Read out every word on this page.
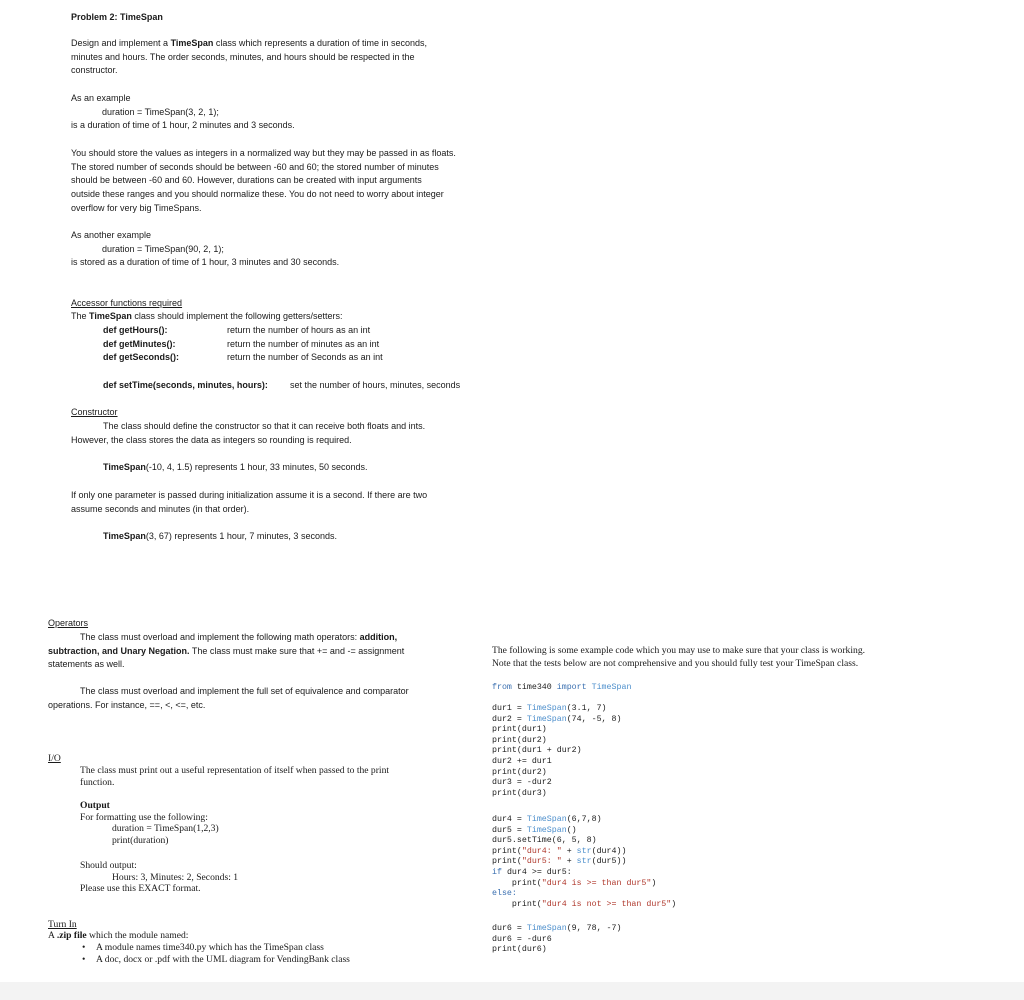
Problem 2: TimeSpan
Design and implement a TimeSpan class which represents a duration of time in seconds,
minutes and hours. The order seconds, minutes, and hours should be respected in the
constructor.
As an example
duration = TimeSpan(3, 2, 1);
is a duration of time of 1 hour, 2 minutes and 3 seconds.
You should store the values as integers in a normalized way but they may be passed in as floats.
The stored number of seconds should be between -60 and 60; the stored number of minutes
should be between -60 and 60. However, durations can be created with input arguments
outside these ranges and you should normalize these. You do not need to worry about integer
overflow for very big TimeSpans.
As another example
duration = TimeSpan(90, 2, 1);
is stored as a duration of time of 1 hour, 3 minutes and 30 seconds.
Accessor functions required
The TimeSpan class should implement the following getters/setters:
def getHours():	return the number of hours as an int
def getMinutes():	return the number of minutes as an int
def getSeconds():	return the number of Seconds as an int
def setTime(seconds, minutes, hours): set the number of hours, minutes, seconds
Constructor
The class should define the constructor so that it can receive both floats and ints.
However, the class stores the data as integers so rounding is required.
TimeSpan(-10, 4, 1.5) represents 1 hour, 33 minutes, 50 seconds.
If only one parameter is passed during initialization assume it is a second. If there are two
assume seconds and minutes (in that order).
TimeSpan(3, 67) represents 1 hour, 7 minutes, 3 seconds.
Operators
The class must overload and implement the following math operators: addition,
subtraction, and Unary Negation. The class must make sure that += and -= assignment
statements as well.
The class must overload and implement the full set of equivalence and comparator
operations. For instance, ==, <, <=, etc.
I/O
The class must print out a useful representation of itself when passed to the print
function.
Output
For formatting use the following:
duration = TimeSpan(1,2,3)
print(duration)
Should output:
Hours: 3, Minutes: 2, Seconds: 1
Please use this EXACT format.
Turn In
A .zip file which the module named:
• A module names time340.py which has the TimeSpan class
• A doc, docx or .pdf with the UML diagram for VendingBank class
The following is some example code which you may use to make sure that your class is working.
Note that the tests below are not comprehensive and you should fully test your TimeSpan class.
from time340 import TimeSpan
dur1 = TimeSpan(3.1, 7)
dur2 = TimeSpan(74, -5, 8)
print(dur1)
print(dur2)
print(dur1 + dur2)
dur2 += dur1
print(dur2)
dur3 = -dur2
print(dur3)
dur4 = TimeSpan(6,7,8)
dur5 = TimeSpan()
dur5.setTime(6, 5, 8)
print("dur4: " + str(dur4))
print("dur5: " + str(dur5))
if dur4 >= dur5:
print("dur4 is >= than dur5")
else:
print("dur4 is not >= than dur5")
dur6 = TimeSpan(9, 78, -7)
dur6 = -dur6
print(dur6)
